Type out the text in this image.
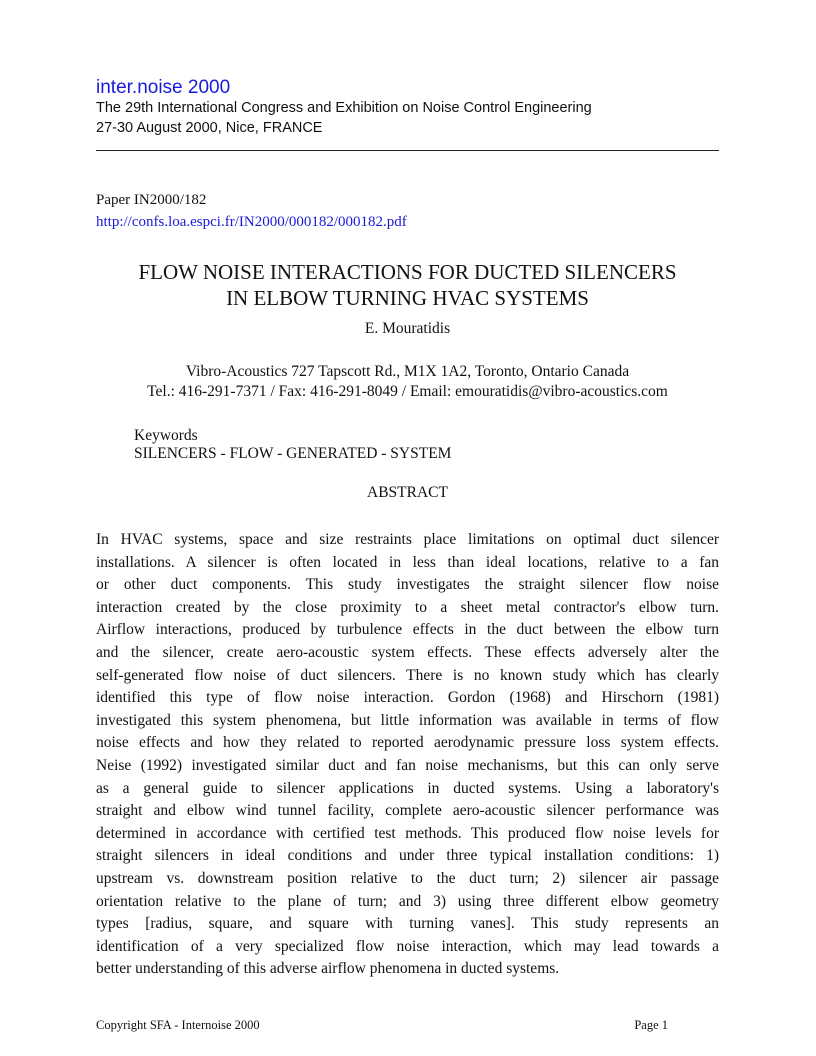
inter.noise 2000
The 29th International Congress and Exhibition on Noise Control Engineering
27-30 August 2000, Nice, FRANCE
Paper IN2000/182
http://confs.loa.espci.fr/IN2000/000182/000182.pdf
FLOW NOISE INTERACTIONS FOR DUCTED SILENCERS
IN ELBOW TURNING HVAC SYSTEMS
E. Mouratidis
Vibro-Acoustics 727 Tapscott Rd., M1X 1A2, Toronto, Ontario Canada
Tel.: 416-291-7371 / Fax: 416-291-8049 / Email: emouratidis@vibro-acoustics.com
Keywords
SILENCERS - FLOW - GENERATED - SYSTEM
ABSTRACT
In HVAC systems, space and size restraints place limitations on optimal duct silencer
installations. A silencer is often located in less than ideal locations, relative to a fan
or other duct components. This study investigates the straight silencer flow noise
interaction created by the close proximity to a sheet metal contractor's elbow turn.
Airflow interactions, produced by turbulence effects in the duct between the elbow turn
and the silencer, create aero-acoustic system effects. These effects adversely alter the
self-generated flow noise of duct silencers. There is no known study which has clearly
identified this type of flow noise interaction. Gordon (1968) and Hirschorn (1981)
investigated this system phenomena, but little information was available in terms of flow
noise effects and how they related to reported aerodynamic pressure loss system effects.
Neise (1992) investigated similar duct and fan noise mechanisms, but this can only serve
as a general guide to silencer applications in ducted systems. Using a laboratory's
straight and elbow wind tunnel facility, complete aero-acoustic silencer performance was
determined in accordance with certified test methods. This produced flow noise levels for
straight silencers in ideal conditions and under three typical installation conditions: 1)
upstream vs. downstream position relative to the duct turn; 2) silencer air passage
orientation relative to the plane of turn; and 3) using three different elbow geometry
types [radius, square, and square with turning vanes]. This study represents an
identification of a very specialized flow noise interaction, which may lead towards a
better understanding of this adverse airflow phenomena in ducted systems.
Copyright SFA - Internoise 2000	Page 1
